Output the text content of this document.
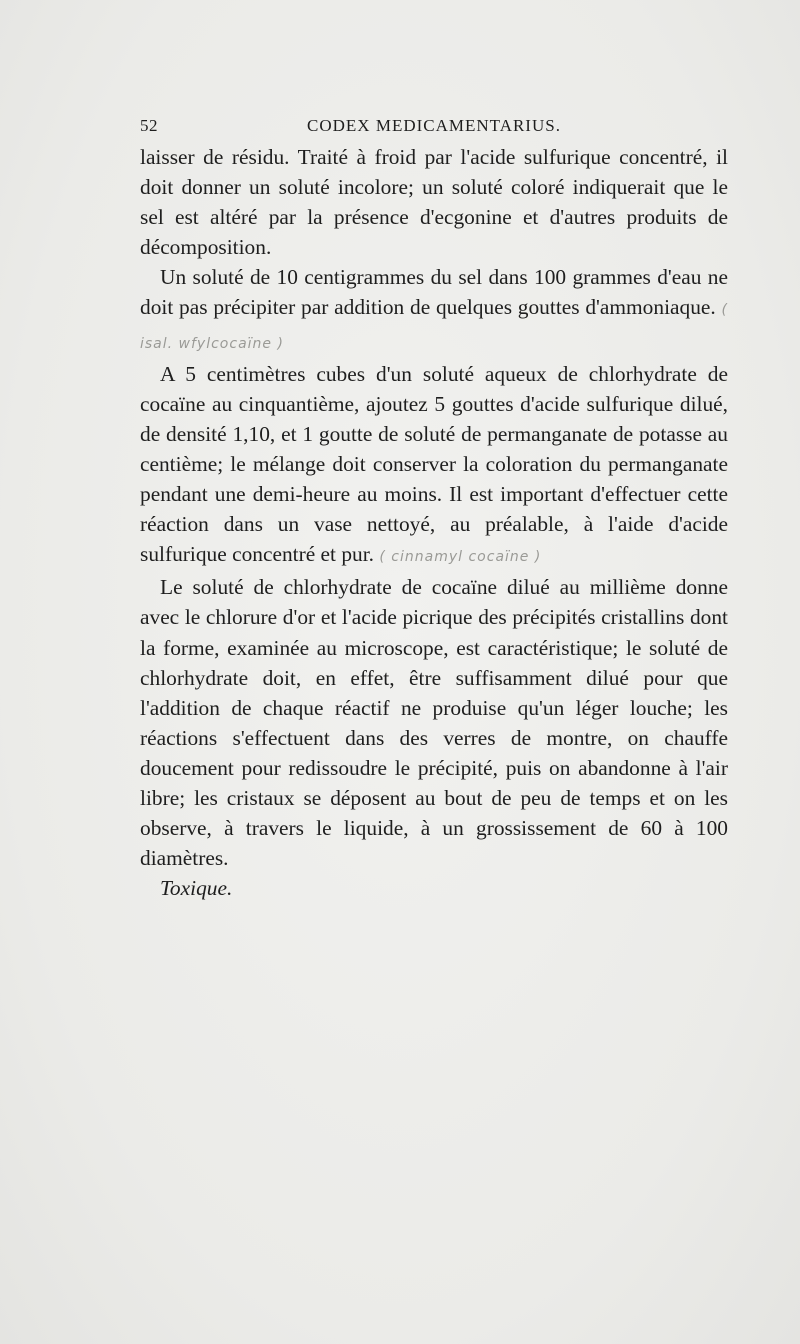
52	CODEX MEDICAMENTARIUS.

laisser de résidu. Traité à froid par l'acide sulfurique concentré, il doit donner un soluté incolore; un soluté coloré indiquerait que le sel est altéré par la présence d'ecgonine et d'autres produits de décomposition.

Un soluté de 10 centigrammes du sel dans 100 grammes d'eau ne doit pas précipiter par addition de quelques gouttes d'ammoniaque. ( isal. wfylcocaïne )

A 5 centimètres cubes d'un soluté aqueux de chlorhydrate de cocaïne au cinquantième, ajoutez 5 gouttes d'acide sulfurique dilué, de densité 1,10, et 1 goutte de soluté de permanganate de potasse au centième; le mélange doit conserver la coloration du permanganate pendant une demi-heure au moins. Il est important d'effectuer cette réaction dans un vase nettoyé, au préalable, à l'aide d'acide sulfurique concentré et pur. ( cinnamyl cocaïne )

Le soluté de chlorhydrate de cocaïne dilué au millième donne avec le chlorure d'or et l'acide picrique des précipités cristallins dont la forme, examinée au microscope, est caractéristique; le soluté de chlorhydrate doit, en effet, être suffisamment dilué pour que l'addition de chaque réactif ne produise qu'un léger louche; les réactions s'effectuent dans des verres de montre, on chauffe doucement pour redissoudre le précipité, puis on abandonne à l'air libre; les cristaux se déposent au bout de peu de temps et on les observe, à travers le liquide, à un grossissement de 60 à 100 diamètres.

Toxique.
